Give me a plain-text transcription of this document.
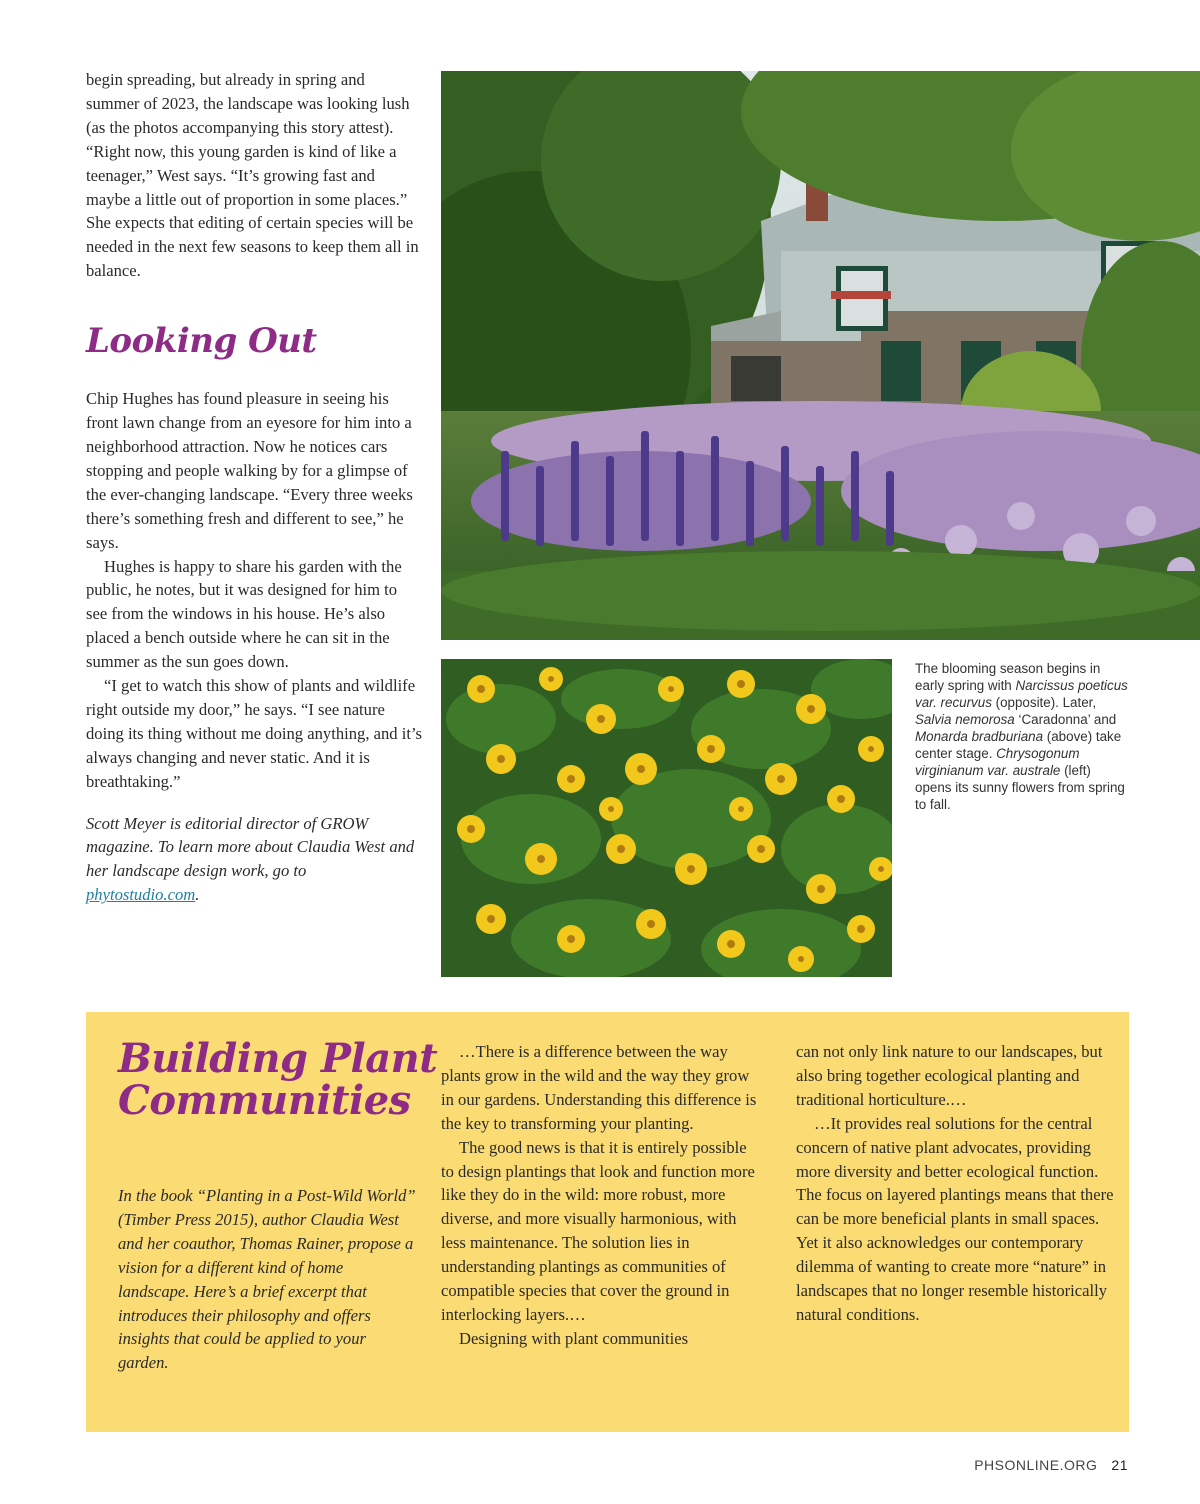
begin spreading, but already in spring and summer of 2023, the landscape was looking lush (as the photos accompanying this story attest). “Right now, this young garden is kind of like a teenager,” West says. “It’s growing fast and maybe a little out of proportion in some places.” She expects that editing of certain species will be needed in the next few seasons to keep them all in balance.

Looking Out

Chip Hughes has found pleasure in seeing his front lawn change from an eyesore for him into a neighborhood attraction. Now he notices cars stopping and people walking by for a glimpse of the ever-changing landscape. “Every three weeks there’s something fresh and different to see,” he says.

Hughes is happy to share his garden with the public, he notes, but it was designed for him to see from the windows in his house. He’s also placed a bench outside where he can sit in the summer as the sun goes down.

“I get to watch this show of plants and wildlife right outside my door,” he says. “I see nature doing its thing without me doing anything, and it’s always changing and never static. And it is breathtaking.”

Scott Meyer is editorial director of GROW magazine. To learn more about Claudia West and her landscape design work, go to phytostudio.com.

The blooming season begins in early spring with Narcissus poeticus var. recurvus (opposite). Later, Salvia nemorosa ‘Caradonna’ and Monarda bradburiana (above) take center stage. Chrysogonum virginianum var. australe (left) opens its sunny flowers from spring to fall.
Building Plant Communities
In the book “Planting in a Post-Wild World” (Timber Press 2015), author Claudia West and her coauthor, Thomas Rainer, propose a vision for a different kind of home landscape. Here’s a brief excerpt that introduces their philosophy and offers insights that could be applied to your garden.

…There is a difference between the way plants grow in the wild and the way they grow in our gardens. Understanding this difference is the key to transforming your planting.

The good news is that it is entirely possible to design plantings that look and function more like they do in the wild: more robust, more diverse, and more visually harmonious, with less maintenance. The solution lies in understanding plantings as communities of compatible species that cover the ground in interlocking layers.…

Designing with plant communities

can not only link nature to our landscapes, but also bring together ecological planting and traditional horticulture.…

…It provides real solutions for the central concern of native plant advocates, providing more diversity and better ecological function. The focus on layered plantings means that there can be more beneficial plants in small spaces. Yet it also acknowledges our contemporary dilemma of wanting to create more “nature” in landscapes that no longer resemble historically natural conditions.

PHSONLINE.ORG 21
